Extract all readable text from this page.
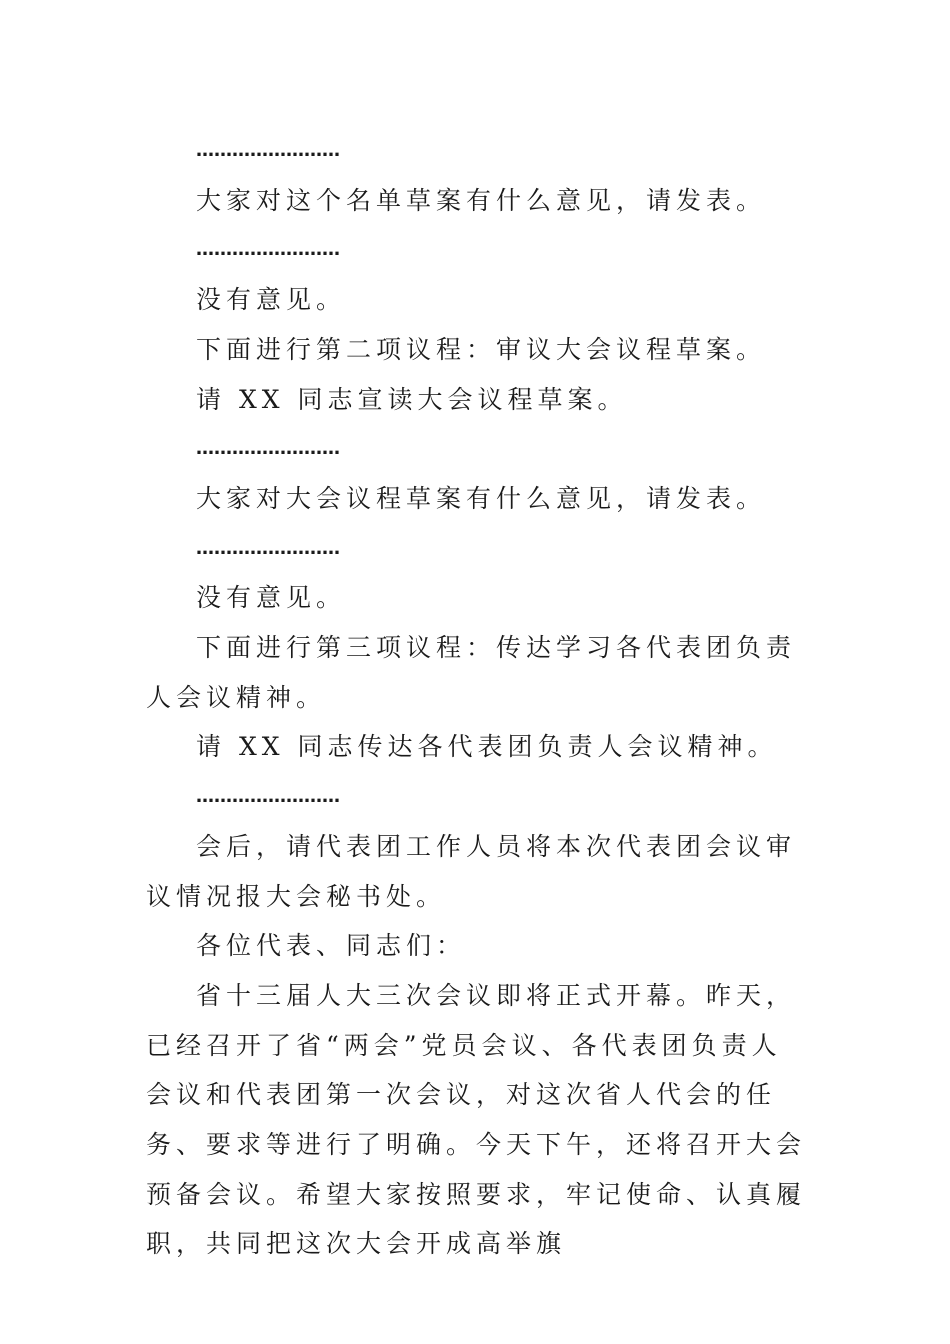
……………………

大家对这个名单草案有什么意见，请发表。

……………………

没有意见。

下面进行第二项议程：审议大会议程草案。

请 XX 同志宣读大会议程草案。

……………………

大家对大会议程草案有什么意见，请发表。

……………………

没有意见。

下面进行第三项议程：传达学习各代表团负责人会议精神。

请 XX 同志传达各代表团负责人会议精神。

……………………

会后，请代表团工作人员将本次代表团会议审议情况报大会秘书处。

各位代表、同志们：

省十三届人大三次会议即将正式开幕。昨天，已经召开了省“两会”党员会议、各代表团负责人会议和代表团第一次会议，对这次省人代会的任务、要求等进行了明确。今天下午，还将召开大会预备会议。希望大家按照要求，牢记使命、认真履职，共同把这次大会开成高举旗
